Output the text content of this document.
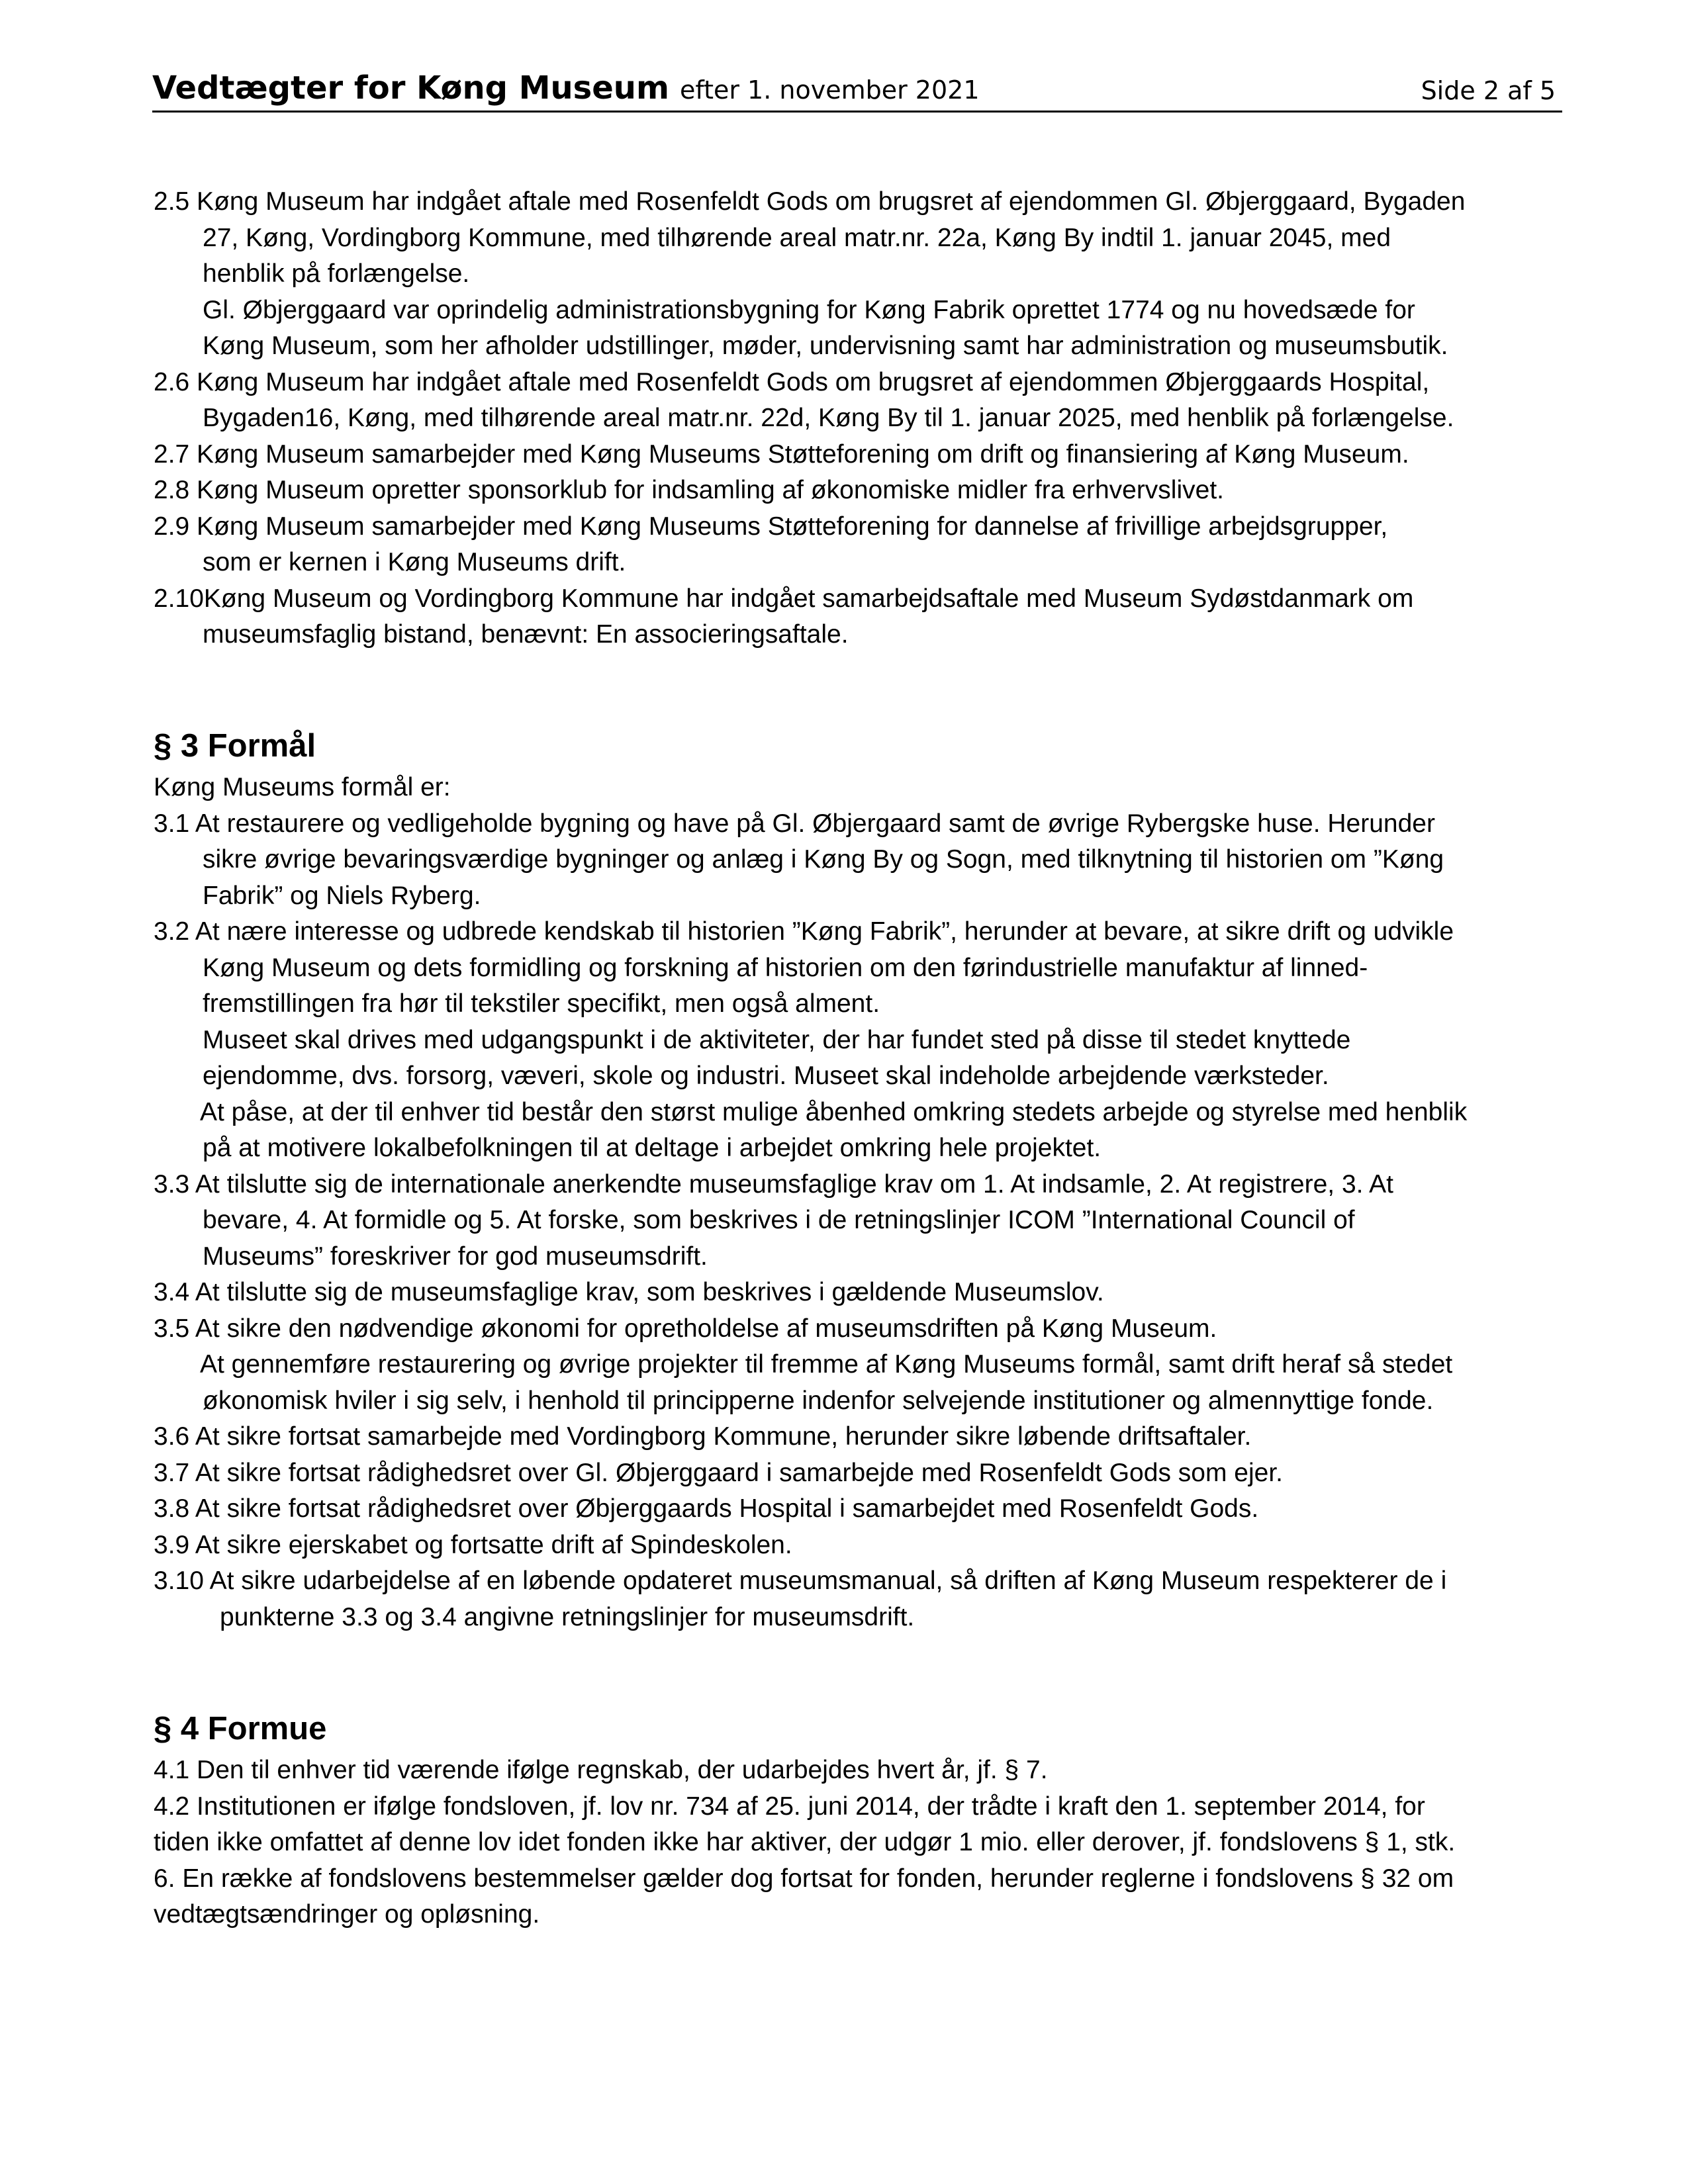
Vedtægter for Køng Museum efter 1. november 2021	Side 2 af 5
2.5 Køng Museum har indgået aftale med Rosenfeldt Gods om brugsret af ejendommen Gl. Øbjerggaard, Bygaden
27, Køng, Vordingborg Kommune, med tilhørende areal matr.nr. 22a, Køng By indtil 1. januar 2045, med
henblik på forlængelse.
Gl. Øbjerggaard var oprindelig administrationsbygning for Køng Fabrik oprettet 1774 og nu hovedsæde for
Køng Museum, som her afholder udstillinger, møder, undervisning samt har administration og museumsbutik.
2.6 Køng Museum har indgået aftale med Rosenfeldt Gods om brugsret af ejendommen Øbjerggaards Hospital,
Bygaden16, Køng, med tilhørende areal matr.nr. 22d, Køng By til 1. januar 2025, med henblik på forlængelse.
2.7 Køng Museum samarbejder med Køng Museums Støtteforening om drift og finansiering af Køng Museum.
2.8 Køng Museum opretter sponsorklub for indsamling af økonomiske midler fra erhvervslivet.
2.9 Køng Museum samarbejder med Køng Museums Støtteforening for dannelse af frivillige arbejdsgrupper,
som er kernen i Køng Museums drift.
2.10Køng Museum og Vordingborg Kommune har indgået samarbejdsaftale med Museum Sydøstdanmark om
museumsfaglig bistand, benævnt: En associeringsaftale.
§ 3 Formål
Køng Museums formål er:
3.1 At restaurere og vedligeholde bygning og have på Gl. Øbjergaard samt de øvrige Rybergske huse. Herunder
sikre øvrige bevaringsværdige bygninger og anlæg i Køng By og Sogn, med tilknytning til historien om ”Køng
Fabrik” og Niels Ryberg.
3.2 At nære interesse og udbrede kendskab til historien ”Køng Fabrik”, herunder at bevare, at sikre drift og udvikle
Køng Museum og dets formidling og forskning af historien om den førindustrielle manufaktur af linned-
fremstillingen fra hør til tekstiler specifikt, men også alment.
Museet skal drives med udgangspunkt i de aktiviteter, der har fundet sted på disse til stedet knyttede
ejendomme, dvs. forsorg, væveri, skole og industri. Museet skal indeholde arbejdende værksteder.
At påse, at der til enhver tid består den størst mulige åbenhed omkring stedets arbejde og styrelse med henblik
på at motivere lokalbefolkningen til at deltage i arbejdet omkring hele projektet.
3.3 At tilslutte sig de internationale anerkendte museumsfaglige krav om 1. At indsamle, 2. At registrere, 3. At
bevare, 4. At formidle og 5. At forske, som beskrives i de retningslinjer ICOM ”International Council of
Museums” foreskriver for god museumsdrift.
3.4 At tilslutte sig de museumsfaglige krav, som beskrives i gældende Museumslov.
3.5 At sikre den nødvendige økonomi for opretholdelse af museumsdriften på Køng Museum.
At gennemføre restaurering og øvrige projekter til fremme af Køng Museums formål, samt drift heraf så stedet
økonomisk hviler i sig selv, i henhold til principperne indenfor selvejende institutioner og almennyttige fonde.
3.6 At sikre fortsat samarbejde med Vordingborg Kommune, herunder sikre løbende driftsaftaler.
3.7 At sikre fortsat rådighedsret over Gl. Øbjerggaard i samarbejde med Rosenfeldt Gods som ejer.
3.8 At sikre fortsat rådighedsret over Øbjerggaards Hospital i samarbejdet med Rosenfeldt Gods.
3.9 At sikre ejerskabet og fortsatte drift af Spindeskolen.
3.10 At sikre udarbejdelse af en løbende opdateret museumsmanual, så driften af Køng Museum respekterer de i
punkterne 3.3 og 3.4 angivne retningslinjer for museumsdrift.
§ 4 Formue
4.1 Den til enhver tid værende ifølge regnskab, der udarbejdes hvert år, jf. § 7.
4.2 Institutionen er ifølge fondsloven, jf. lov nr. 734 af 25. juni 2014, der trådte i kraft den 1. september 2014, for
tiden ikke omfattet af denne lov idet fonden ikke har aktiver, der udgør 1 mio. eller derover, jf. fondslovens § 1, stk.
6. En række af fondslovens bestemmelser gælder dog fortsat for fonden, herunder reglerne i fondslovens § 32 om
vedtægtsændringer og opløsning.
